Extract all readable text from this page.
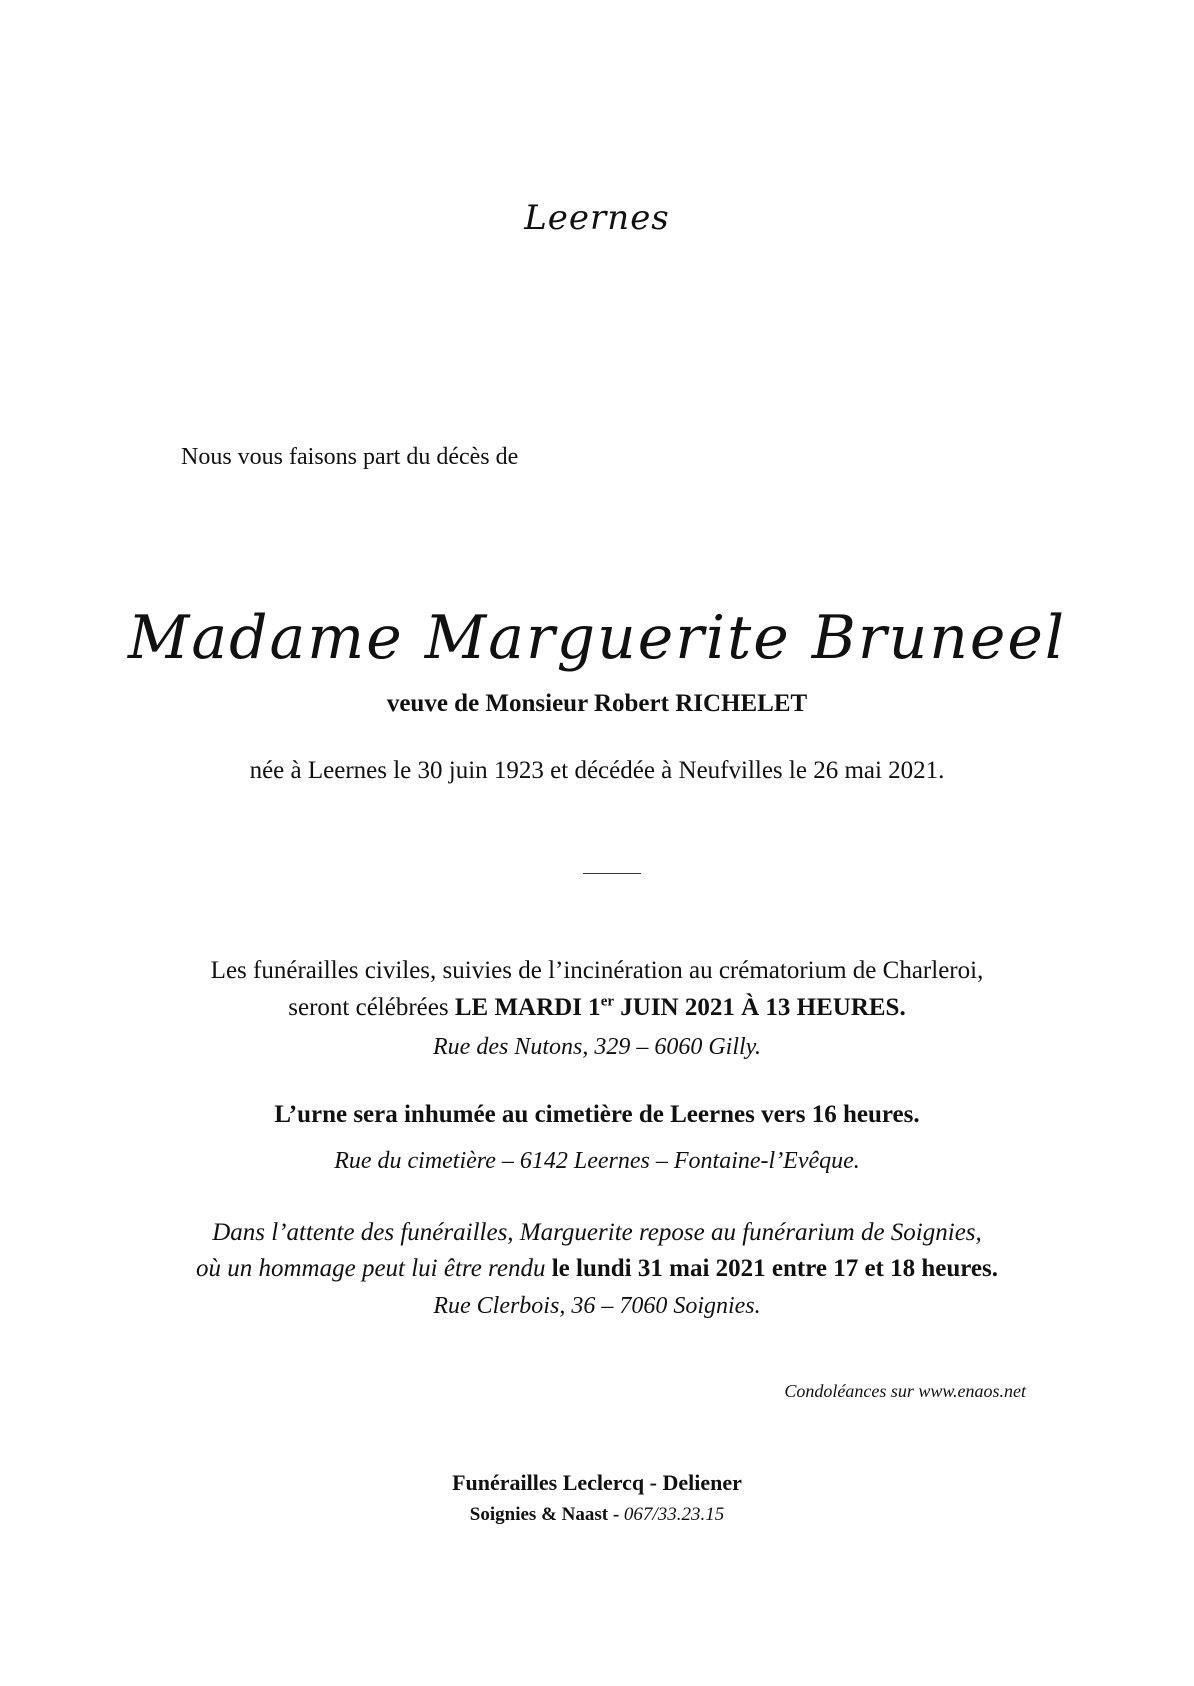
Leernes
Nous vous faisons part du décès de
Madame Marguerite Bruneel
veuve de Monsieur Robert RICHELET
née à Leernes le 30 juin 1923 et décédée à Neufvilles le 26 mai 2021.
Les funérailles civiles, suivies de l’incinération au crématorium de Charleroi,
seront célébrées LE MARDI 1er JUIN 2021 À 13 HEURES.
Rue des Nutons, 329 – 6060 Gilly.
L’urne sera inhumée au cimetière de Leernes vers 16 heures.
Rue du cimetière – 6142 Leernes – Fontaine-l’Evêque.
Dans l’attente des funérailles, Marguerite repose au funérarium de Soignies,
où un hommage peut lui être rendu le lundi 31 mai 2021 entre 17 et 18 heures.
Rue Clerbois, 36 – 7060 Soignies.
Condoléances sur www.enaos.net
Funérailles Leclercq - Deliener
Soignies & Naast - 067/33.23.15
